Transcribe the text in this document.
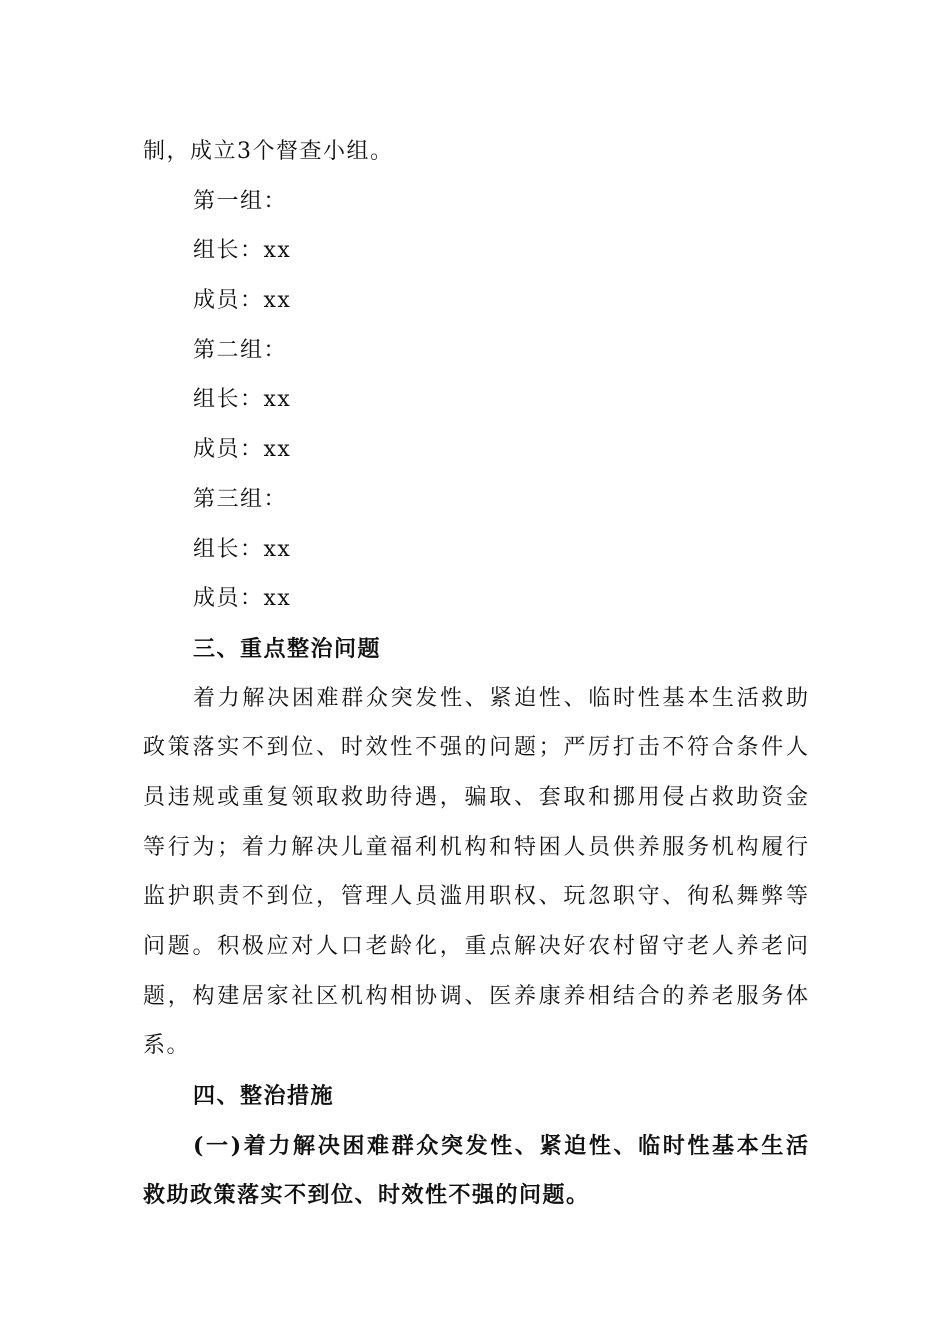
制，成立3个督查小组。
第一组：
组长：xx
成员：xx
第二组：
组长：xx
成员：xx
第三组：
组长：xx
成员：xx
三、重点整治问题
着力解决困难群众突发性、紧迫性、临时性基本生活救助
政策落实不到位、时效性不强的问题；严厉打击不符合条件人
员违规或重复领取救助待遇，骗取、套取和挪用侵占救助资金
等行为；着力解决儿童福利机构和特困人员供养服务机构履行
监护职责不到位，管理人员滥用职权、玩忽职守、徇私舞弊等
问题。积极应对人口老龄化，重点解决好农村留守老人养老问
题，构建居家社区机构相协调、医养康养相结合的养老服务体
系。
四、整治措施
(一)着力解决困难群众突发性、紧迫性、临时性基本生活
救助政策落实不到位、时效性不强的问题。
